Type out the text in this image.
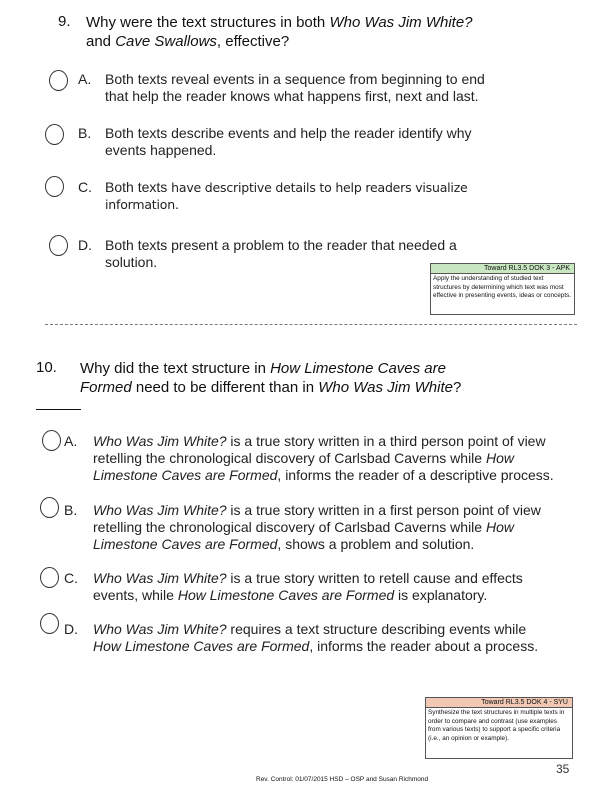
9. Why were the text structures in both Who Was Jim White?
and Cave Swallows, effective?
A. Both texts reveal events in a sequence from beginning to end
that help the reader knows what happens first, next and last.
B. Both texts describe events and help the reader identify why
events happened.
C. Both texts have descriptive details to help readers visualize
information.
D. Both texts present a problem to the reader that needed a
solution.	Toward RL3.5 DOK 3 - APK
Apply the understanding of studied text structures by determining which text was most effective in presenting events, ideas or concepts.
10. Why did the text structure in How Limestone Caves are
Formed need to be different than in Who Was Jim White?
A. Who Was Jim White? is a true story written in a third person point of view
retelling the chronological discovery of Carlsbad Caverns while How
Limestone Caves are Formed, informs the reader of a descriptive process.
B. Who Was Jim White? is a true story written in a first person point of view
retelling the chronological discovery of Carlsbad Caverns while How
Limestone Caves are Formed, shows a problem and solution.
C. Who Was Jim White? is a true story written to retell cause and effects
events, while How Limestone Caves are Formed is explanatory.
D. Who Was Jim White? requires a text structure describing events while
How Limestone Caves are Formed, informs the reader about a process.
Toward RL3.5 DOK 4 - SYU
Synthesize the text structures in multiple texts in order to compare and contrast (use examples from various texts) to support a specific criteria (i.e., an opinion or example).
35
Rev. Control: 01/07/2015 HSD – OSP and Susan Richmond
